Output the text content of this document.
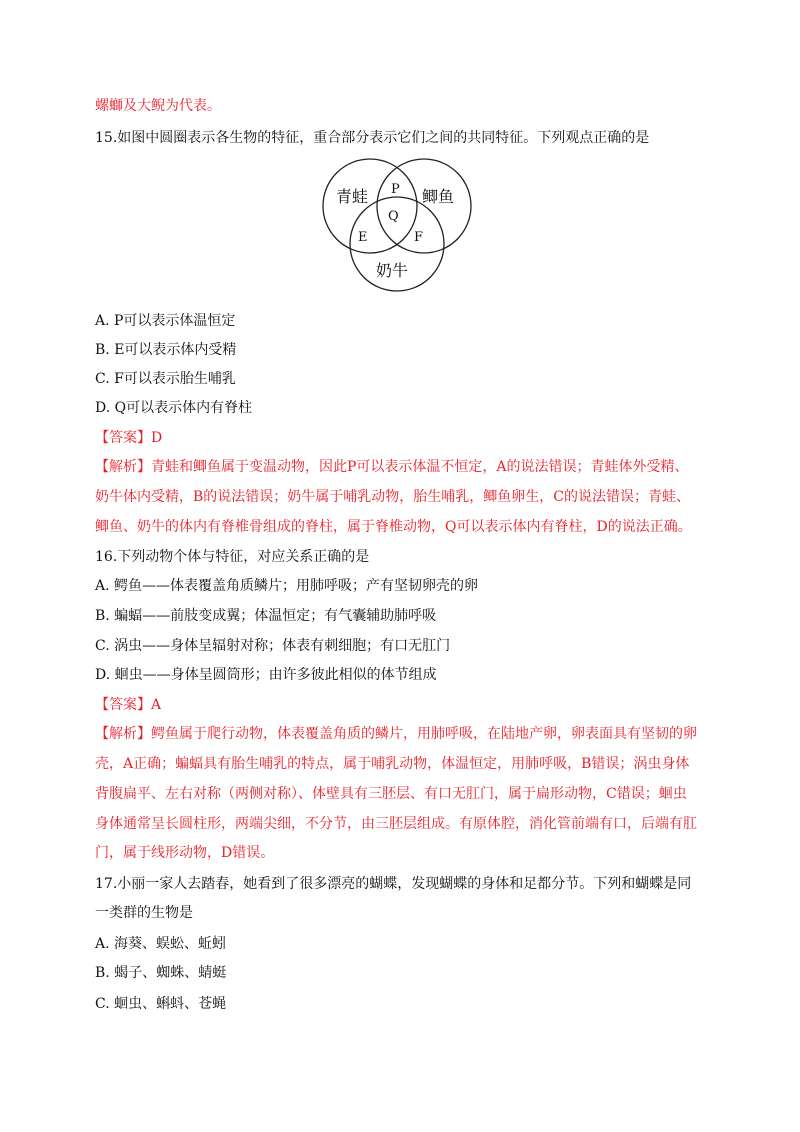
螺螄及大鲵为代表。
15.如图中圆圈表示各生物的特征，重合部分表示它们之间的共同特征。下列观点正确的是
青蛙	鲫鱼
奶牛
P
Q
E	F
A. P可以表示体温恒定
B. E可以表示体内受精
C. F可以表示胎生哺乳
D. Q可以表示体内有脊柱
【答案】D
【解析】青蛙和鲫鱼属于变温动物，因此P可以表示体温不恒定，A的说法错误；青蛙体外受精、
奶牛体内受精，B的说法错误；奶牛属于哺乳动物，胎生哺乳，鲫鱼卵生，C的说法错误；青蛙、
鲫鱼、奶牛的体内有脊椎骨组成的脊柱，属于脊椎动物，Q可以表示体内有脊柱，D的说法正确。
16.下列动物个体与特征，对应关系正确的是
A. 鳄鱼——体表覆盖角质鳞片；用肺呼吸；产有坚韧卵壳的卵
B. 蝙蝠——前肢变成翼；体温恒定；有气囊辅助肺呼吸
C. 涡虫——身体呈辐射对称；体表有刺细胞；有口无肛门
D. 蛔虫——身体呈圆筒形；由许多彼此相似的体节组成
【答案】A
【解析】鳄鱼属于爬行动物，体表覆盖角质的鳞片，用肺呼吸，在陆地产卵，卵表面具有坚韧的卵
壳，A正确；蝙蝠具有胎生哺乳的特点，属于哺乳动物，体温恒定，用肺呼吸，B错误；涡虫身体
背腹扁平、左右对称（两侧对称）、体壁具有三胚层、有口无肛门，属于扁形动物，C错误；蛔虫
身体通常呈长圆柱形，两端尖细，不分节，由三胚层组成。有原体腔，消化管前端有口，后端有肛
门，属于线形动物，D错误。
17.小丽一家人去踏春，她看到了很多漂亮的蝴蝶，发现蝴蝶的身体和足都分节。下列和蝴蝶是同
一类群的生物是
A. 海葵、蜈蚣、蚯蚓
B. 蝎子、蜘蛛、蜻蜓
C. 蛔虫、蝌蚪、苍蝇
